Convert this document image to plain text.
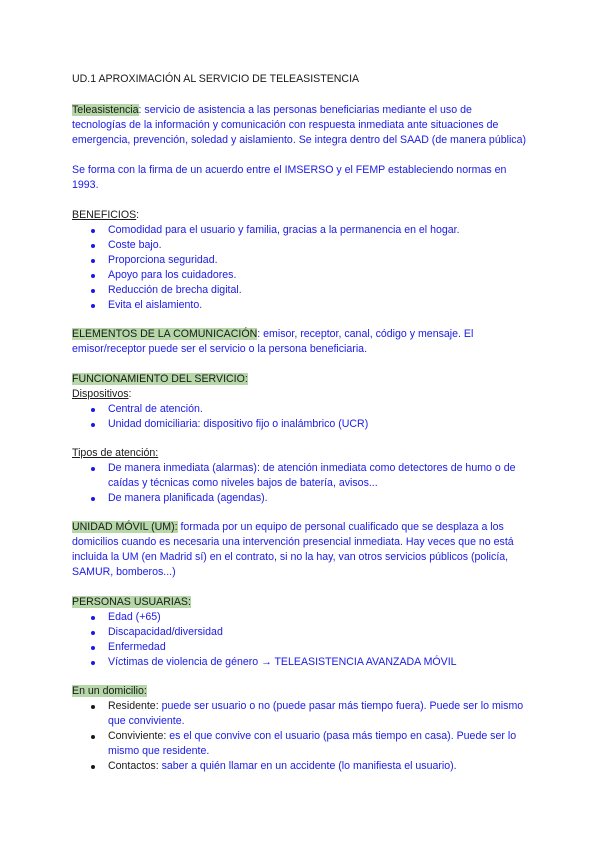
UD.1 APROXIMACIÓN AL SERVICIO DE TELEASISTENCIA

Teleasistencia: servicio de asistencia a las personas beneficiarias mediante el uso de tecnologías de la información y comunicación con respuesta inmediata ante situaciones de emergencia, prevención, soledad y aislamiento. Se integra dentro del SAAD (de manera pública)

Se forma con la firma de un acuerdo entre el IMSERSO y el FEMP estableciendo normas en 1993.

BENEFICIOS:

Comodidad para el usuario y familia, gracias a la permanencia en el hogar.
Coste bajo.
Proporciona seguridad.
Apoyo para los cuidadores.
Reducción de brecha digital.
Evita el aislamiento.

ELEMENTOS DE LA COMUNICACIÓN: emisor, receptor, canal, código y mensaje. El emisor/receptor puede ser el servicio o la persona beneficiaria.

FUNCIONAMIENTO DEL SERVICIO:

Dispositivos:

Central de atención.
Unidad domiciliaria: dispositivo fijo o inalámbrico (UCR)

Tipos de atención:

De manera inmediata (alarmas): de atención inmediata como detectores de humo o de caídas y técnicas como niveles bajos de batería, avisos...
De manera planificada (agendas).

UNIDAD MÓVIL (UM): formada por un equipo de personal cualificado que se desplaza a los domicilios cuando es necesaria una intervención presencial inmediata. Hay veces que no está incluida la UM (en Madrid sí) en el contrato, si no la hay, van otros servicios públicos (policía, SAMUR, bomberos...)

PERSONAS USUARIAS:

Edad (+65)
Discapacidad/diversidad
Enfermedad
Víctimas de violencia de género → TELEASISTENCIA AVANZADA MÓVIL

En un domicilio:

Residente: puede ser usuario o no (puede pasar más tiempo fuera). Puede ser lo mismo que conviviente.
Conviviente: es el que convive con el usuario (pasa más tiempo en casa). Puede ser lo mismo que residente.
Contactos: saber a quién llamar en un accidente (lo manifiesta el usuario).
